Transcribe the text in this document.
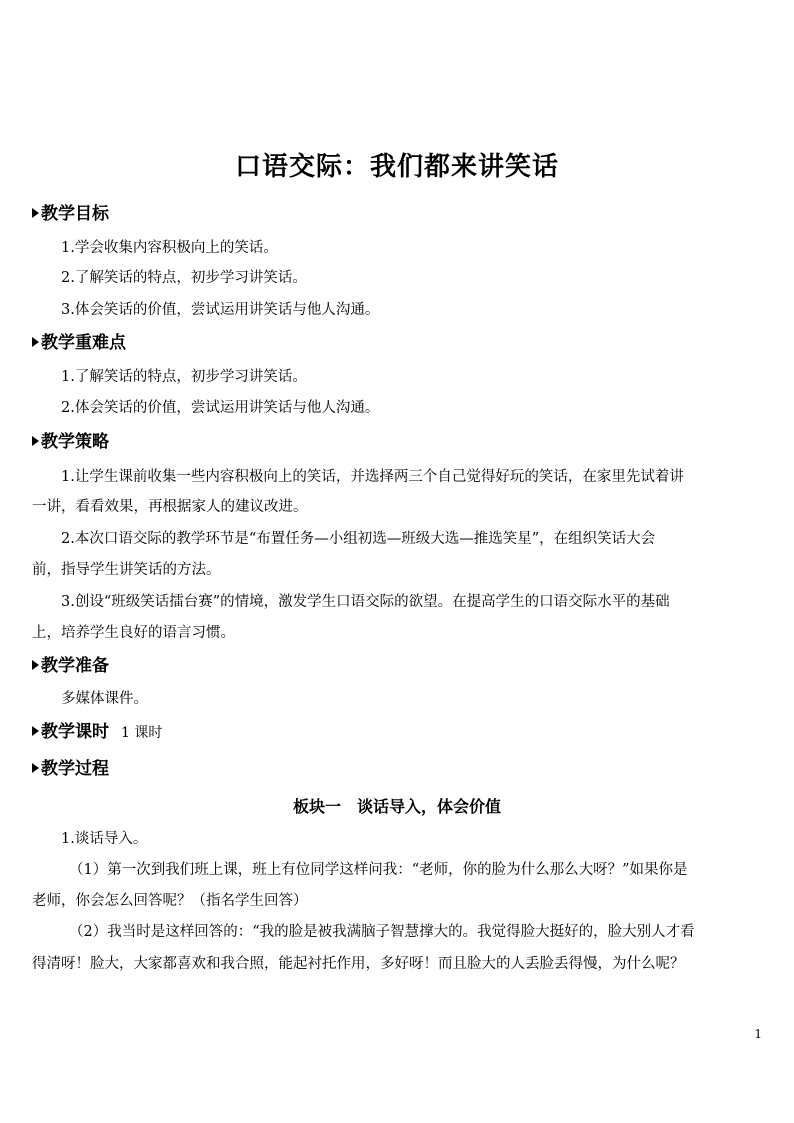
口语交际：我们都来讲笑话
教学目标
1.学会收集内容积极向上的笑话。
2.了解笑话的特点，初步学习讲笑话。
3.体会笑话的价值，尝试运用讲笑话与他人沟通。
教学重难点
1.了解笑话的特点，初步学习讲笑话。
2.体会笑话的价值，尝试运用讲笑话与他人沟通。
教学策略
1.让学生课前收集一些内容积极向上的笑话，并选择两三个自己觉得好玩的笑话，在家里先试着讲
一讲，看看效果，再根据家人的建议改进。
2.本次口语交际的教学环节是“布置任务—小组初选—班级大选—推选笑星”，在组织笑话大会
前，指导学生讲笑话的方法。
3.创设“班级笑话擂台赛”的情境，激发学生口语交际的欲望。在提高学生的口语交际水平的基础
上，培养学生良好的语言习惯。
教学准备
多媒体课件。
教学课时 1 课时
教学过程
板块一　谈话导入，体会价值
1.谈话导入。
（1）第一次到我们班上课，班上有位同学这样问我：“老师，你的脸为什么那么大呀？”如果你是
老师，你会怎么回答呢？（指名学生回答）
（2）我当时是这样回答的：“我的脸是被我满脑子智慧撑大的。我觉得脸大挺好的，脸大别人才看
得清呀！脸大，大家都喜欢和我合照，能起衬托作用，多好呀！而且脸大的人丢脸丢得慢，为什么呢？
1
